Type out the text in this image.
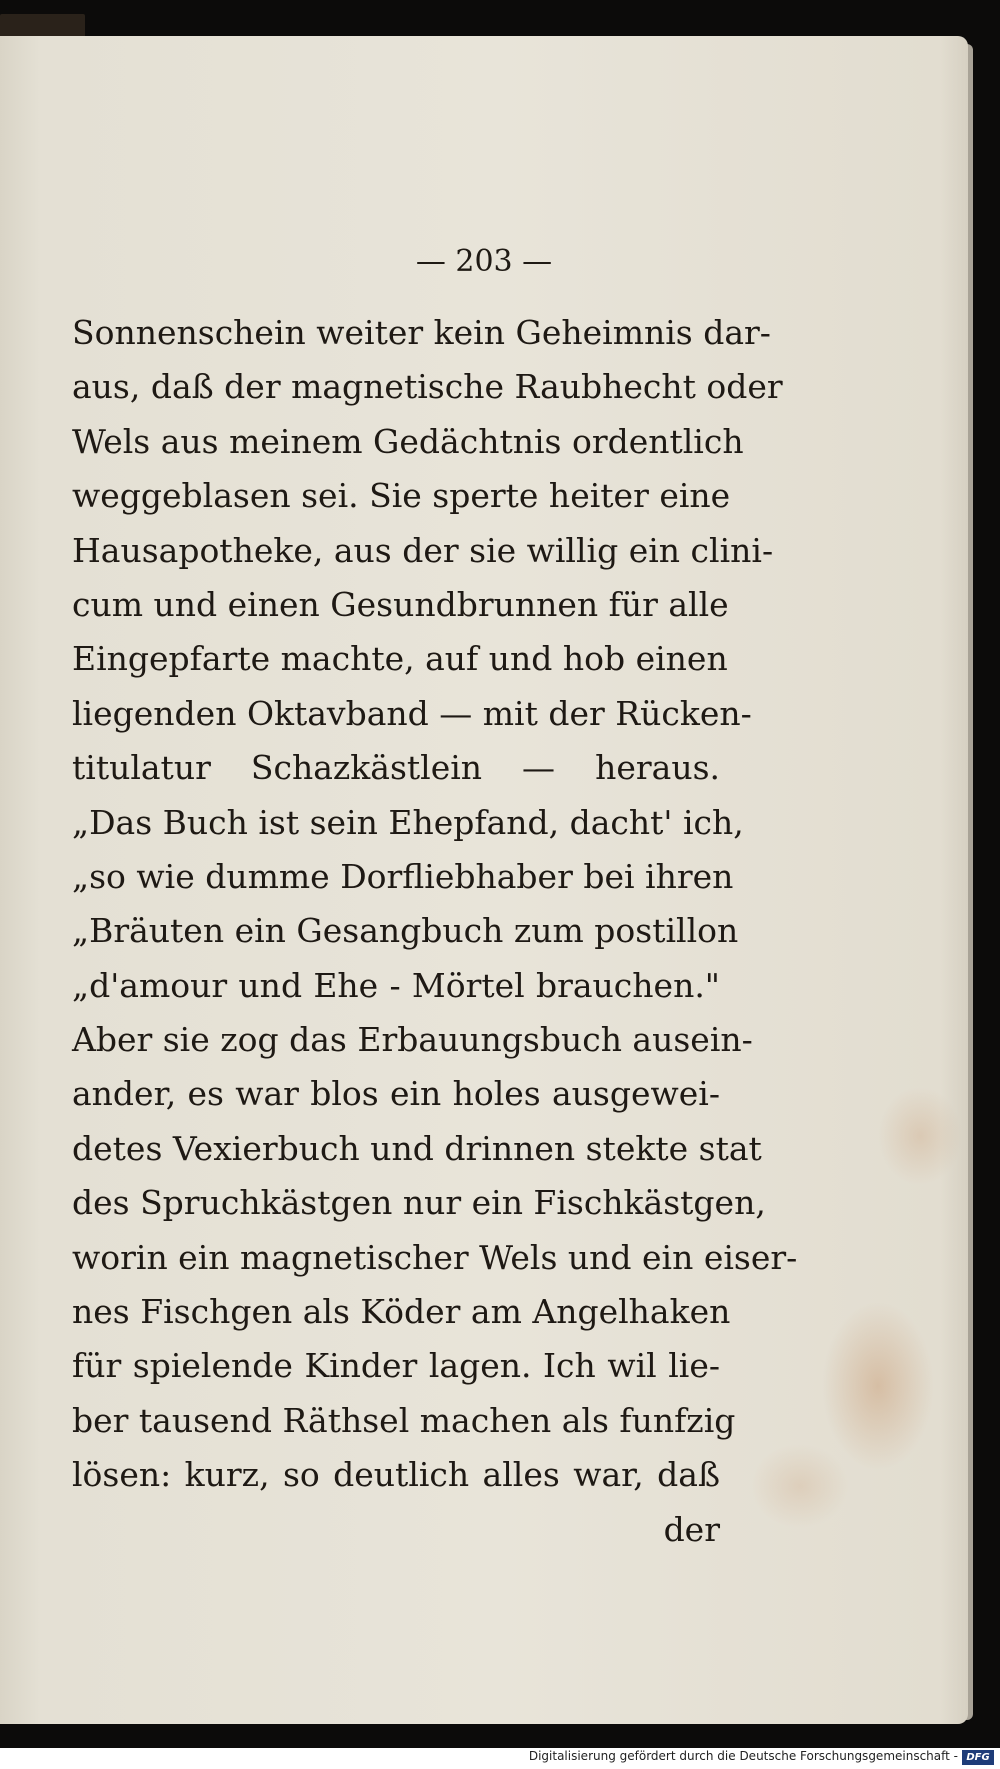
— 203 —
Sonnenschein weiter kein Geheimnis dar-
aus, daß der magnetische Raubhecht oder
Wels aus meinem Gedächtnis ordentlich
weggeblasen sei. Sie sperte heiter eine
Hausapotheke, aus der sie willig ein clini-
cum und einen Gesundbrunnen für alle
Eingepfarte machte, auf und hob einen
liegenden Oktavband — mit der Rücken-
titulatur Schazkästlein — heraus.
„Das Buch ist sein Ehepfand, dacht' ich,
„so wie dumme Dorfliebhaber bei ihren
„Bräuten ein Gesangbuch zum postillon
„d'amour und Ehe - Mörtel brauchen."
Aber sie zog das Erbauungsbuch ausein-
ander, es war blos ein holes ausgewei-
detes Vexierbuch und drinnen stekte stat
des Spruchkästgen nur ein Fischkästgen,
worin ein magnetischer Wels und ein eiser-
nes Fischgen als Köder am Angelhaken
für spielende Kinder lagen. Ich wil lie-
ber tausend Räthsel machen als funfzig
lösen: kurz, so deutlich alles war, daß
der
Digitalisierung gefördert durch die Deutsche Forschungsgemeinschaft - DFG
